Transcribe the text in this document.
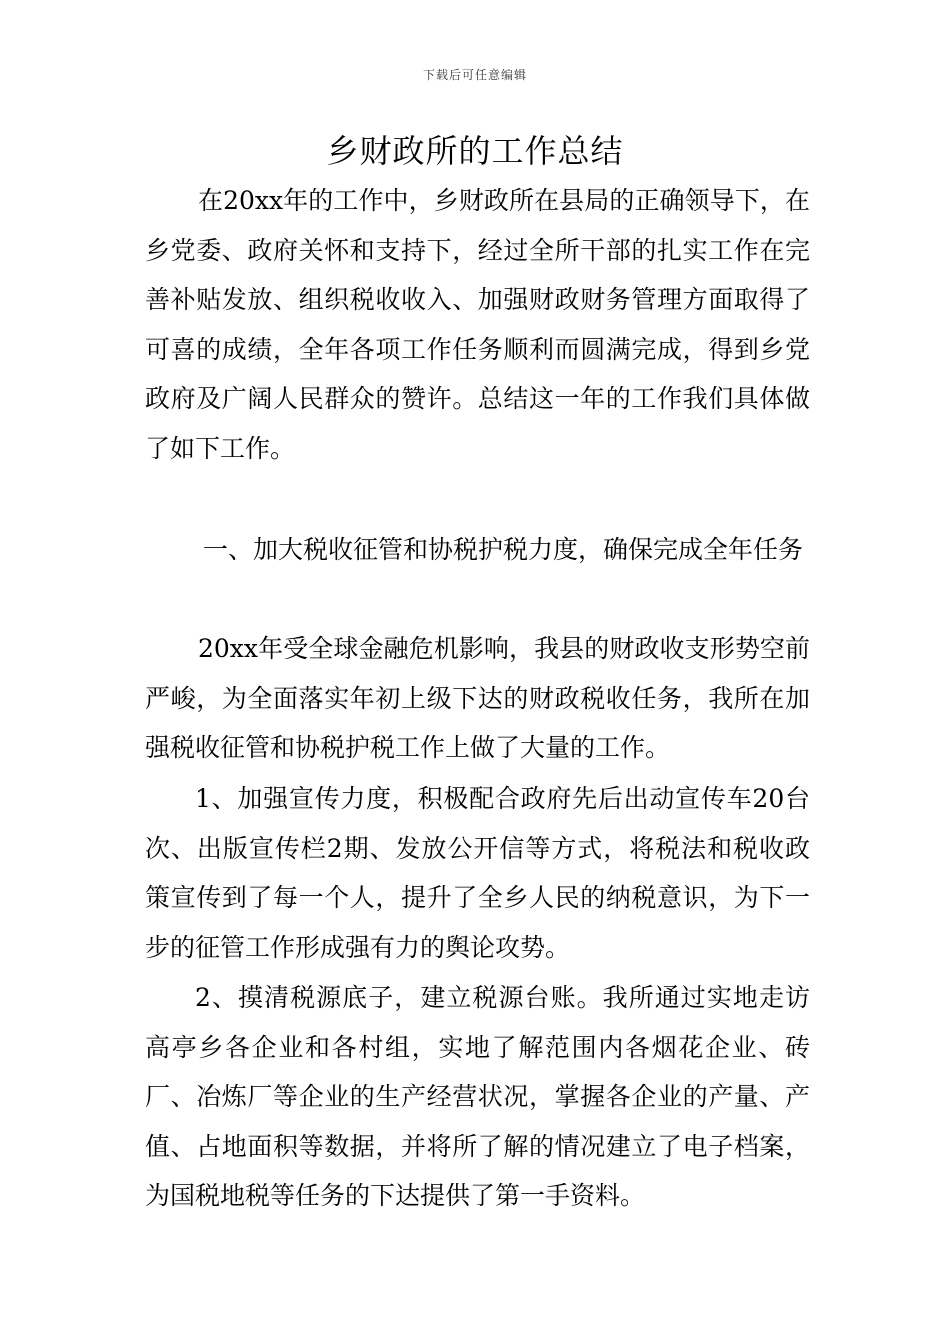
下载后可任意编辑
乡财政所的工作总结

在20xx年的工作中，乡财政所在县局的正确领导下，在乡党委、政府关怀和支持下，经过全所干部的扎实工作在完善补贴发放、组织税收收入、加强财政财务管理方面取得了可喜的成绩，全年各项工作任务顺利而圆满完成，得到乡党政府及广阔人民群众的赞许。总结这一年的工作我们具体做了如下工作。

一、加大税收征管和协税护税力度，确保完成全年任务

20xx年受全球金融危机影响，我县的财政收支形势空前严峻，为全面落实年初上级下达的财政税收任务，我所在加强税收征管和协税护税工作上做了大量的工作。

1、加强宣传力度，积极配合政府先后出动宣传车20台次、出版宣传栏2期、发放公开信等方式，将税法和税收政策宣传到了每一个人，提升了全乡人民的纳税意识，为下一步的征管工作形成强有力的舆论攻势。

2、摸清税源底子，建立税源台账。我所通过实地走访高亭乡各企业和各村组，实地了解范围内各烟花企业、砖厂、冶炼厂等企业的生产经营状况，掌握各企业的产量、产值、占地面积等数据，并将所了解的情况建立了电子档案，为国税地税等任务的下达提供了第一手资料。
